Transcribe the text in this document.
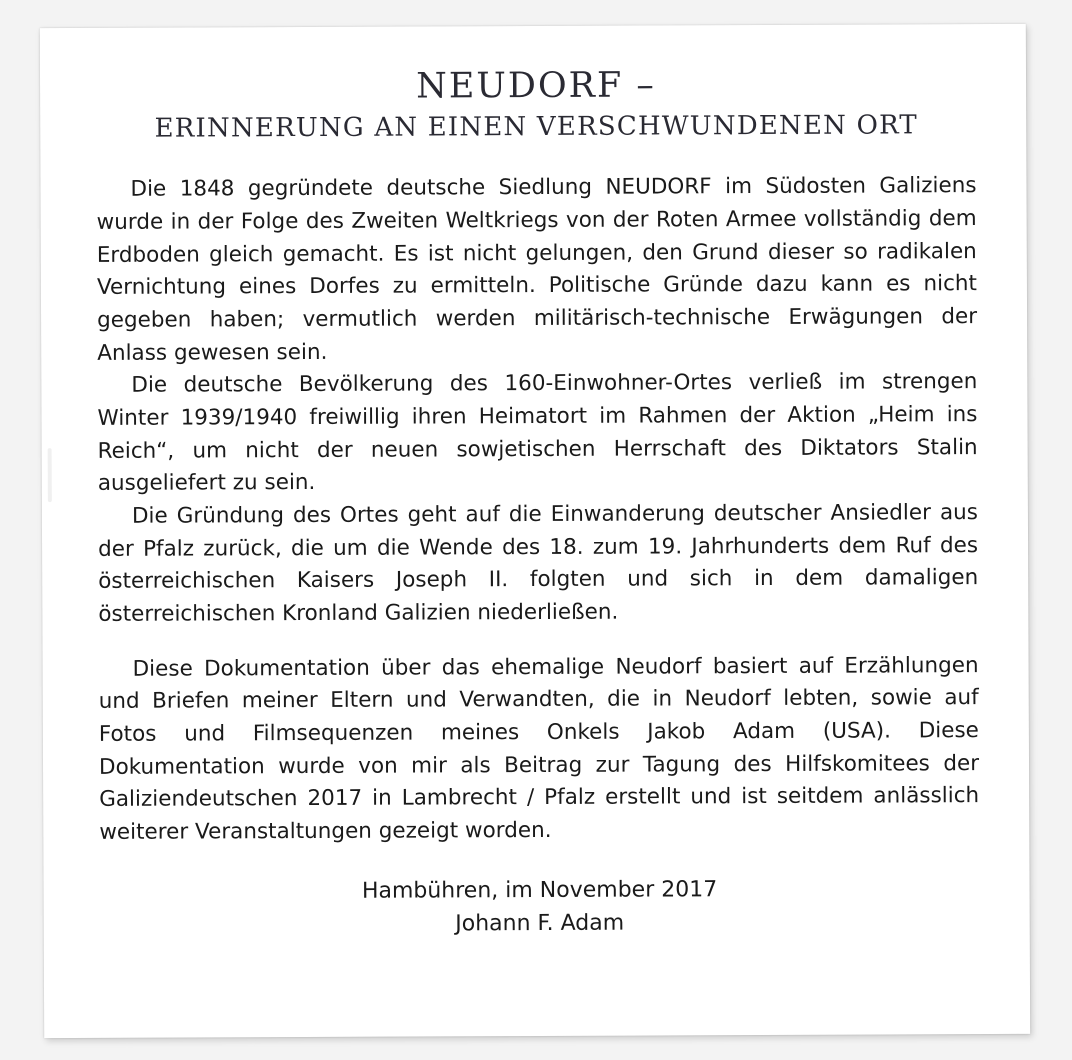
NEUDORF –
ERINNERUNG AN EINEN VERSCHWUNDENEN ORT

Die 1848 gegründete deutsche Siedlung NEUDORF im Südosten Galiziens wurde in der Folge des Zweiten Weltkriegs von der Roten Armee vollständig dem Erdboden gleich gemacht. Es ist nicht gelungen, den Grund dieser so radikalen Vernichtung eines Dorfes zu ermitteln. Politische Gründe dazu kann es nicht gegeben haben; vermutlich werden militärisch-technische Erwägungen der Anlass gewesen sein.

Die deutsche Bevölkerung des 160-Einwohner-Ortes verließ im strengen Winter 1939/1940 freiwillig ihren Heimatort im Rahmen der Aktion „Heim ins Reich“, um nicht der neuen sowjetischen Herrschaft des Diktators Stalin ausgeliefert zu sein.

Die Gründung des Ortes geht auf die Einwanderung deutscher Ansiedler aus der Pfalz zurück, die um die Wende des 18. zum 19. Jahrhunderts dem Ruf des österreichischen Kaisers Joseph II. folgten und sich in dem damaligen österreichischen Kronland Galizien niederließen.

Diese Dokumentation über das ehemalige Neudorf basiert auf Erzählungen und Briefen meiner Eltern und Verwandten, die in Neudorf lebten, sowie auf Fotos und Filmsequenzen meines Onkels Jakob Adam (USA). Diese Dokumentation wurde von mir als Beitrag zur Tagung des Hilfskomitees der Galiziendeutschen 2017 in Lambrecht / Pfalz erstellt und ist seitdem anlässlich weiterer Veranstaltungen gezeigt worden.

Hambühren, im November 2017
Johann F. Adam
